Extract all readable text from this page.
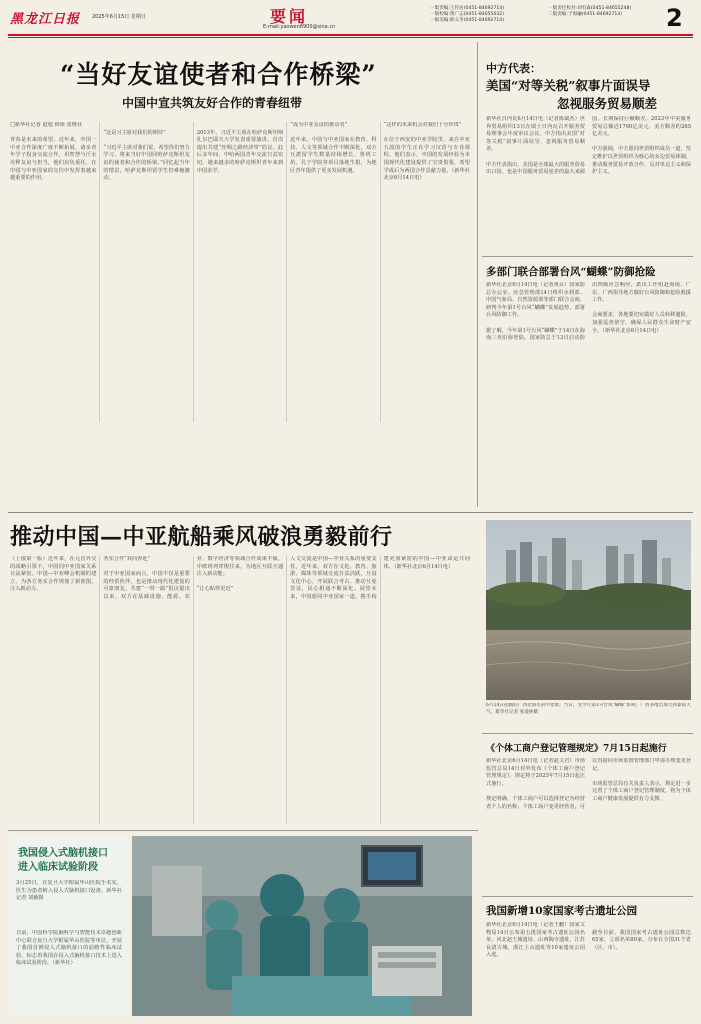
黑龙江日报 2025年6月15日 星期日	要闻
E-mail:yaowen8900@sina.cn
一版责编:王传岩(0451-84692714)
一版校编:黄广志(0451-84655632)
一版美编:邢义冬(0451-84692714)
一版责任校对:刘有森(0451-84655248)
二版责编:于海骊(0451-84692714)	2
“当好友谊使者和合作桥梁”
中国中宣共筑友好合作的青春纽带
□新华社记者 赵旭 韩梁 张继业

青春是未来的希望。近年来，中国一中亚合作深度广度不断拓展，诸多青年学子投身交流合作，用智慧与汗水诠释友谊与担当，他们肩负重任，在中国与中亚国家的交往中发挥着越来越重要的作用。

“这是习主席对我们的期待”

“习近平主席对我们说，希望你们努力学习，将来当好中国同哈萨克斯坦友谊的使者和合作的桥梁。”回忆起当年的情景，哈萨克斯坦留学生仍难掩激动。

2013年，习近平主席在哈萨克斯坦纳扎尔巴耶夫大学发表重要演讲，首次提出共建“丝绸之路经济带”倡议。此后多年间，中哈两国青年交流日益密切，越来越多的哈萨克斯坦青年来到中国求学。

“成为中亚友谊的推动者”

近年来，中国与中亚国家在教育、科技、人文等领域合作不断深化，双方互派留学生数量持续增长，鲁班工坊、孔子学院等项目落地生根，为地区青年提供了更多发展机遇。

“这样的未来机会对我们十分珍贵”

在位于西安的中亚学院里，来自中亚五国的学生正在学习汉语与专业课程。他们表示，中国的发展经验为本国现代化建设提供了宝贵借鉴，希望学成后为两国合作贡献力量。（新华社北京6月14日电）
中方代表：
美国“对等关税”叙事片面误导
忽视服务贸易顺差
新华社日内瓦6月14日电（记者陈斌杰）世界贸易组织13日在瑞士日内瓦召开服务贸易理事会年度审议会议。中方指出美国“对等关税”叙事片面误导，忽视服务贸易顺差。

中方代表指出，美国是全球最大的服务贸易出口国，也是中国服务贸易逆差的最大来源国，长期保持巨额顺差。2023年中美服务贸易总额近1700亿美元，美方顺差约265亿美元。

中方强调，中方愿同世贸组织成员一道，坚定维护以世贸组织为核心的多边贸易体制，推动服务贸易开放合作，反对单边主义和保护主义。
多部门联合部署台风“蝴蝶”防御抢险
新华社北京6月14日电（记者黄垚）国家防总办公室、应急管理部14日组织水利部、中国气象局、自然资源部等部门联合会商，研判今年第1号台风“蝴蝶”发展趋势，部署台风防御工作。

据了解，今年第1号台风“蝴蝶”于14日在海南三亚沿海登陆，国家防总于13日启动防汛四级应急响应，派出工作组赴海南、广东、广西指导地方做好台风防御和抢险救援工作。

会商要求，各地要切实做好人员转移避险，加强巡查值守，确保人民群众生命财产安全。（新华社北京6月14日电）
推动中国—中亚航船乘风破浪勇毅前行
（上接第一版）近年来，在元首外交的战略引领下，中国同中亚国家关系日益紧密。中国—中亚峰会机制的建立，为各方务实合作规划了新蓝图，注入新动力。

务实合作“双向奔赴”

对于中亚国家而言，中国不仅是重要的经贸伙伴，也是推动现代化建设的可靠朋友。共建“一带一路”倡议提出以来，双方在基础设施、能源、农业、数字经济等领域合作成果丰硕，中欧班列穿梭往来，为地区互联互通注入新动能。

“让心贴得更近”

人文交流是中国—中亚关系的重要支柱。近年来，双方在文化、教育、旅游、媒体等领域交流日益活跃，互设文化中心、开展联合考古、推动互免签证，民心相通不断深化。展望未来，中国愿同中亚国家一道，携手构建更加紧密的中国—中亚命运共同体。（新华社北京6月14日电）
6月14日拍摄的广西北海市的中景象。当日，受今年第1号台风“蝴蝶”影响，广西多地出现大到暴雨天气。新华社记者 张爱林摄
《个体工商户登记管理规定》7月15日起施行
新华社北京6月14日电（记者赵文君）市场监管总局14日对外发布《个体工商户登记管理规定》，规定将于2025年7月15日起正式施行。

规定明确，个体工商户可以选择登记为经营者个人的名称；个体工商户变更经营者，可以直接向市场监督管理部门申请办理变更登记。

市场监管总局有关负责人表示，规定进一步完善了个体工商户登记管理制度，将为个体工商户健康发展提供有力支撑。
我国新增10家国家考古遗址公园
新华社北京6月14日电（记者王鹏）国家文物局14日公布第五批国家考古遗址公园名单，河北赵王城遗址、山西陶寺遗址、江苏良渚古城、浙江上山遗址等10家遗址公园入选。

截至目前，我国国家考古遗址公园总数达65家，立项名单80家，分布在全国31个省（区、市）。
我国侵入式脑机接口
进入临床试验阶段
3月25日，在复旦大学附属华山医院手术室，医生为患者植入侵入式脑机接口设备。新华社记者 刘颖摄
日前，中国科学院脑科学与智能技术卓越创新中心联合复旦大学附属华山医院等单位，开展了我国首例侵入式脑机接口的前瞻性临床试验，标志着我国在侵入式脑机接口技术上进入临床试验阶段。（新华社）
